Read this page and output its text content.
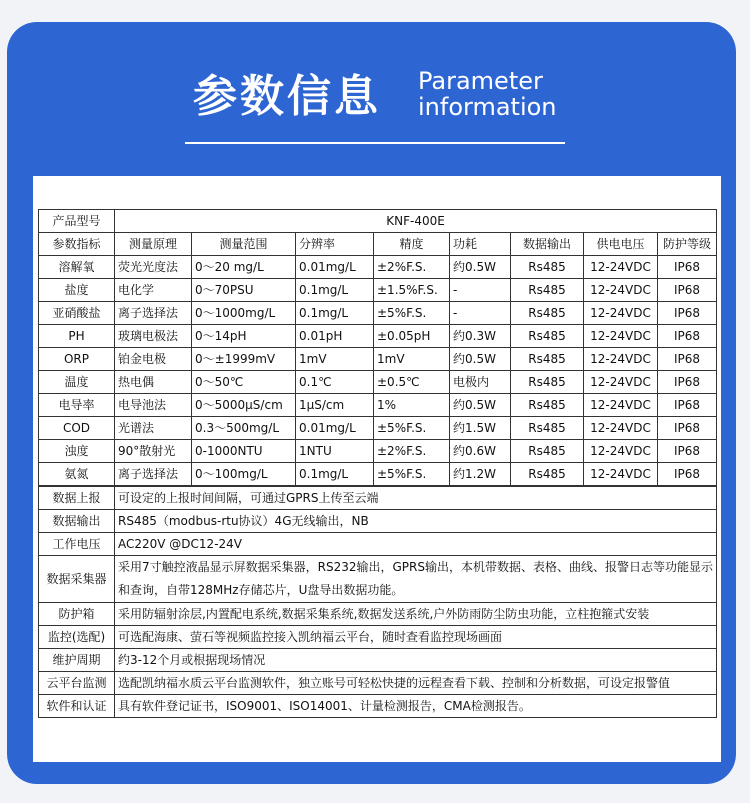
参数信息 Parameter
information
产品型号	KNF-400E							
参数指标	测量原理	测量范围	分辨率	精度	功耗	数据输出	供电电压	防护等级
溶解氧	荧光光度法	0～20 mg/L	0.01mg/L	±2%F.S.	约0.5W	Rs485	12-24VDC	IP68
盐度	电化学	0～70PSU	0.1mg/L	±1.5%F.S.	-	Rs485	12-24VDC	IP68
亚硝酸盐	离子选择法	0～1000mg/L	0.1mg/L	±5%F.S.	-	Rs485	12-24VDC	IP68
PH	玻璃电极法	0～14pH	0.01pH	±0.05pH	约0.3W	Rs485	12-24VDC	IP68
ORP	铂金电极	0～±1999mV	1mV	1mV	约0.5W	Rs485	12-24VDC	IP68
温度	热电偶	0～50℃	0.1℃	±0.5℃	电极内	Rs485	12-24VDC	IP68
电导率	电导池法	0～5000μS/cm	1μS/cm	1%	约0.5W	Rs485	12-24VDC	IP68
COD	光谱法	0.3～500mg/L	0.01mg/L	±5%F.S.	约1.5W	Rs485	12-24VDC	IP68
浊度	90°散射光	0-1000NTU	1NTU	±2%F.S.	约0.6W	Rs485	12-24VDC	IP68
氨氮	离子选择法	0～100mg/L	0.1mg/L	±5%F.S.	约1.2W	Rs485	12-24VDC	IP68
数据上报	可设定的上报时间间隔，可通过GPRS上传至云端
数据输出	RS485（modbus-rtu协议）4G无线输出，NB
工作电压	AC220V @DC12-24V
数据采集器	采用7寸触控液晶显示屏数据采集器，RS232输出，GPRS输出，本机带数据、表格、曲线、报警日志等功能显示和查询，自带128MHz存储芯片，U盘导出数据功能。
防护箱	采用防辐射涂层,内置配电系统,数据采集系统,数据发送系统,户外防雨防尘防虫功能，立柱抱箍式安装
监控(选配)	可选配海康、萤石等视频监控接入凯纳福云平台，随时查看监控现场画面
维护周期	约3-12个月或根据现场情况
云平台监测	选配凯纳福水质云平台监测软件，独立账号可轻松快捷的远程查看下载、控制和分析数据，可设定报警值
软件和认证	具有软件登记证书，ISO9001、ISO14001、计量检测报告，CMA检测报告。
